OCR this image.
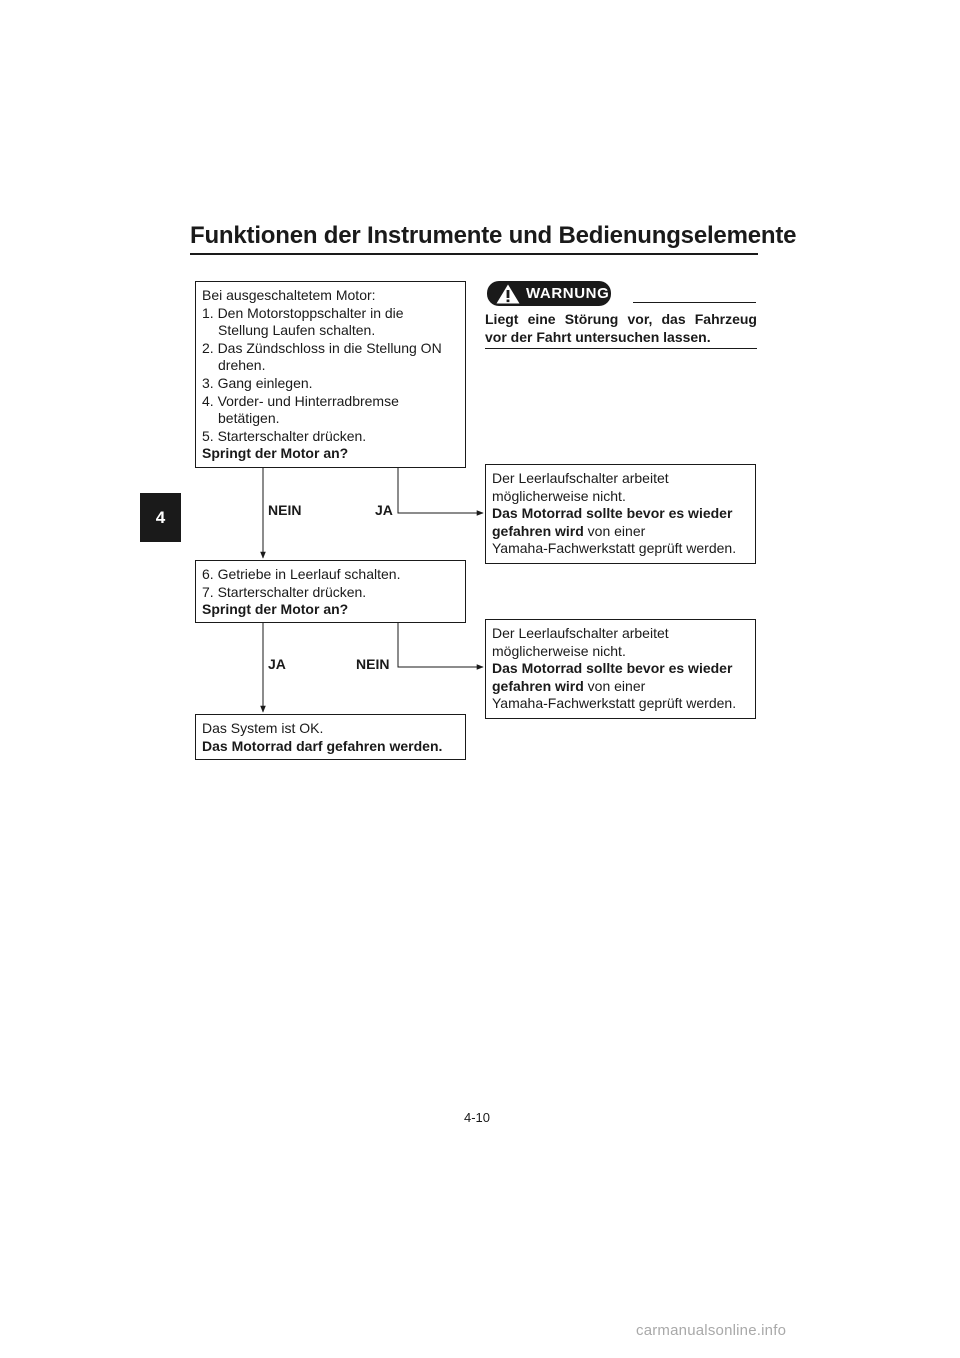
Funktionen der Instrumente und Bedienungselemente
4
Bei ausgeschaltetem Motor:
1. Den Motorstoppschalter in die
Stellung Laufen schalten.
2. Das Zündschloss in die Stellung ON
drehen.
3. Gang einlegen.
4. Vorder- und Hinterradbremse
betätigen.
5. Starterschalter drücken.
Springt der Motor an?
NEIN	JA
6. Getriebe in Leerlauf schalten.
7. Starterschalter drücken.
Springt der Motor an?
JA	NEIN
Das System ist OK.
Das Motorrad darf gefahren werden.
Der Leerlaufschalter arbeitet
möglicherweise nicht.
Das Motorrad sollte bevor es wieder
gefahren wird von einer
Yamaha-Fachwerkstatt geprüft werden.
Der Leerlaufschalter arbeitet
möglicherweise nicht.
Das Motorrad sollte bevor es wieder
gefahren wird von einer
Yamaha-Fachwerkstatt geprüft werden.
WARNUNG
Liegt eine Störung vor, das Fahrzeug
vor der Fahrt untersuchen lassen.
4-10
carmanualsonline.info
